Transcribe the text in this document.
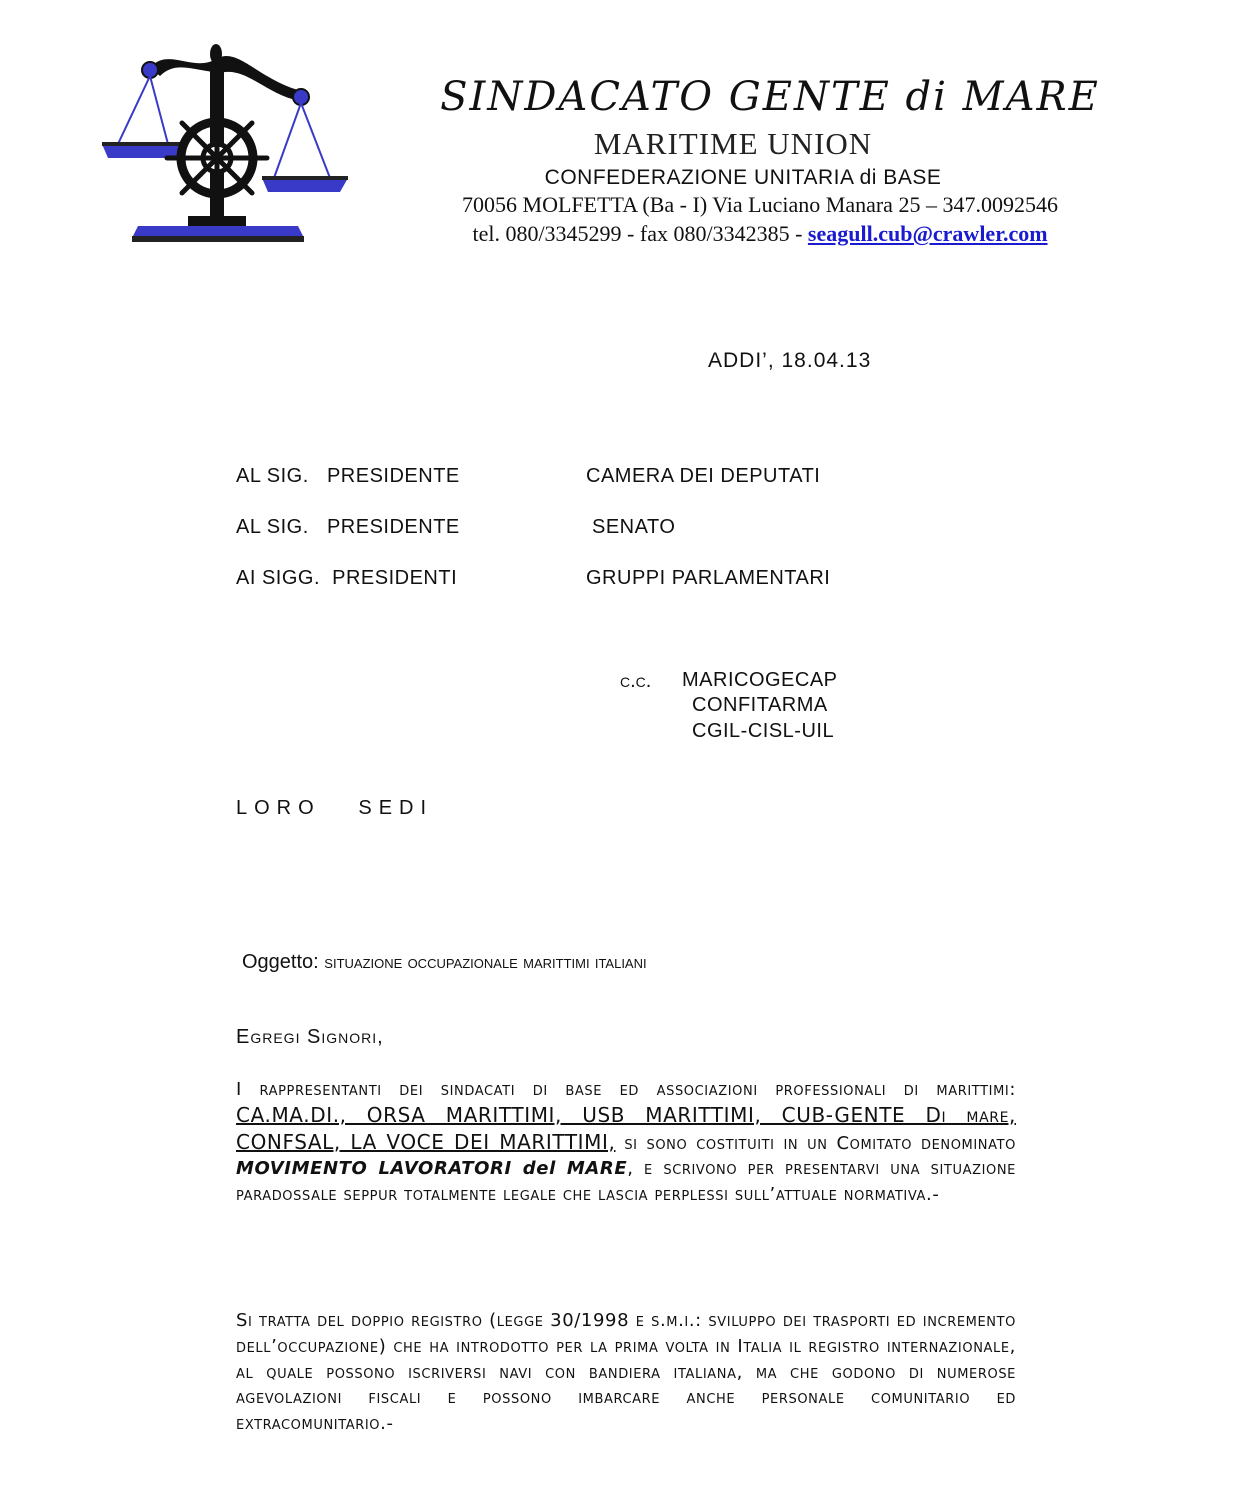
SINDACATO GENTE di MARE
MARITIME UNION
CONFEDERAZIONE UNITARIA di BASE
70056 MOLFETTA (Ba - I) Via Luciano Manara 25 – 347.0092546
tel. 080/3345299 - fax 080/3342385 - seagull.cub@crawler.com
ADDI’, 18.04.13
AL SIG.   PRESIDENTE	CAMERA DEI DEPUTATI
AL SIG.   PRESIDENTE	SENATO
AI SIGG.  PRESIDENTI	GRUPPI PARLAMENTARI
c.c. MARICOGECAP
CONFITARMA
CGIL-CISL-UIL
LORO   SEDI
Oggetto: situazione occupazionale marittimi italiani
Egregi Signori,
I rappresentanti dei sindacati di base ed associazioni professionali di marittimi: CA.MA.DI., ORSA MARITTIMI, USB MARITTIMI, CUB-GENTE Di mare, CONFSAL, LA VOCE DEI MARITTIMI, si sono costituiti in un Comitato denominato MOVIMENTO LAVORATORI del MARE, e scrivono per presentarvi una situazione paradossale seppur totalmente legale che lascia perplessi sull’attuale normativa.-
Si tratta del doppio registro (legge 30/1998 e s.m.i.: sviluppo dei trasporti ed incremento dell’occupazione) che ha introdotto per la prima volta in Italia il registro internazionale, al quale possono iscriversi navi con bandiera italiana, ma che godono di numerose agevolazioni fiscali e possono imbarcare anche personale comunitario ed extracomunitario.-
